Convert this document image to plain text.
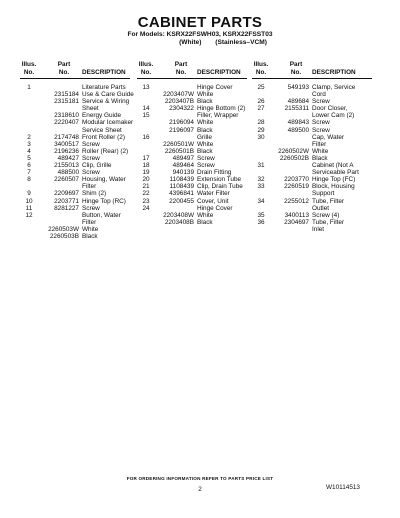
CABINET PARTS
For Models: KSRX22FSWH03, KSRX22FSST03
(White) (Stainless–VCM)
Illus.
No.
Part
No.	DESCRIPTION
1	Literature Parts
2315184 Use & Care Guide
2315181 Service & Wiring
Sheet
2318610 Energy Guide
2220407 Modular Icemaker
Service Sheet
2	2174748 Front Roller (2)
3	3400517 Screw
4	2196236 Roller (Rear) (2)
5	489427 Screw
6	2155013 Clip, Grille
7	488500 Screw
8	2260507 Housing, Water
Filter
9	2209697 Shim (2)
10	2203771 Hinge Top (RC)
11	8281227 Screw
12	Button, Water
Filter
2260503W White
2260503B Black
Illus.
No.
Part
No.	DESCRIPTION
13	Hinge Cover
2203407W White
2203407B Black
14	2304322 Hinge Bottom (2)
15	Filler, Wrapper
2196094 White
2196097 Black
16	Grille
2260501W White
2260501B Black
17	489497 Screw
18	489464 Screw
19	940139 Drain Fitting
20	1108439 Extension Tube
21	1108439 Clip, Drain Tube
22	4396841 Water Filter
23	2200455 Cover, Unit
24	Hinge Cover
2203408W White
2203408B Black
Illus.
No.
Part
No.	DESCRIPTION
25	549193 Clamp, Service
Cord
26	489684 Screw
27	2155311 Door Closer,
Lower Cam (2)
28	489843 Screw
29	489500 Screw
30	Cap, Water
Filter
2260502W White
2260502B Black
31	Cabinet (Not A
Serviceable Part
32	2203770 Hinge Top (FC)
33	2260519 Block, Housing
Support
34	2255012 Tube, Filter
Outlet
35	3400113 Screw (4)
36	2304697 Tube, Filter
Inlet
FOR ORDERING INFORMATION REFER TO PARTS PRICE LIST
2	W10114513
